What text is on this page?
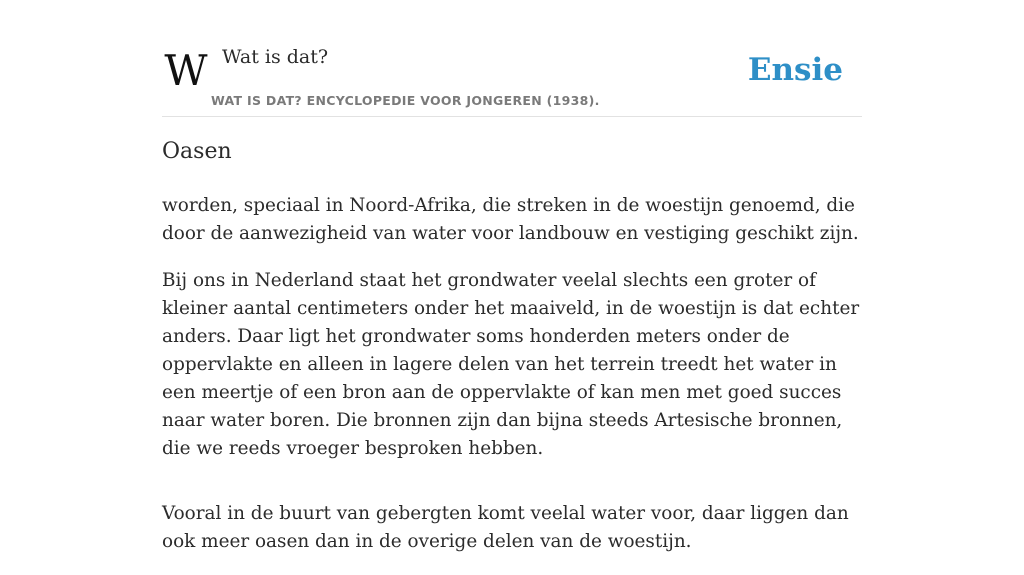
W Wat is dat?
WAT IS DAT? ENCYCLOPEDIE VOOR JONGEREN (1938).
Ensie
Oasen

worden, speciaal in Noord-Afrika, die streken in de woestijn genoemd, die door de aanwezigheid van water voor landbouw en vestiging geschikt zijn.

Bij ons in Nederland staat het grondwater veelal slechts een groter of kleiner aantal centimeters onder het maaiveld, in de woestijn is dat echter anders. Daar ligt het grondwater soms honderden meters onder de oppervlakte en alleen in lagere delen van het terrein treedt het water in een meertje of een bron aan de oppervlakte of kan men met goed succes naar water boren. Die bronnen zijn dan bijna steeds Artesische bronnen, die we reeds vroeger besproken hebben.

Vooral in de buurt van gebergten komt veelal water voor, daar liggen dan ook meer oasen dan in de overige delen van de woestijn.
